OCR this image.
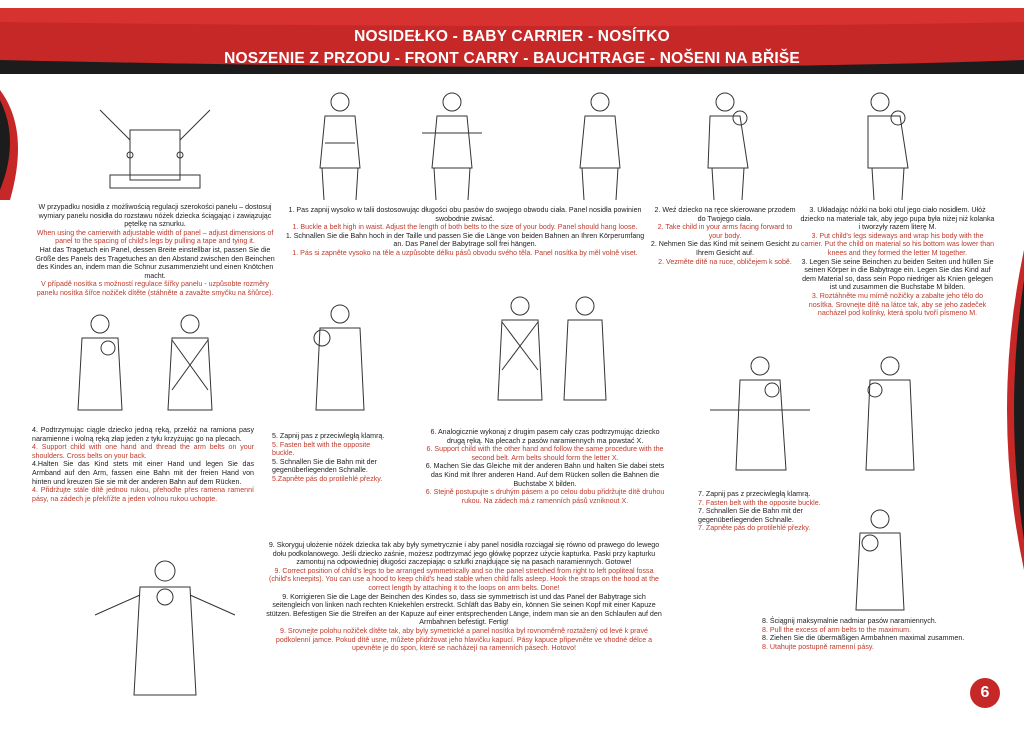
NOSIDEŁKO - BABY CARRIER - NOSÍTKO
NOSZENIE Z PRZODU - FRONT CARRY - BAUCHTRAGE - NOŠENI NA BŘIŠE

W przypadku nosidła z możliwością regulacji szerokości panelu – dostosuj wymiary panelu nosidła do rozstawu nóżek dziecka ściągając i zawiązując pętelkę na sznurku.

When using the carrierwith adjustable width of panel – adjust dimensions of panel to the spacing of child's legs by pulling a tape and tying it.

Hat das Tragetuch ein Panel, dessen Breite einstellbar ist, passen Sie die Größe des Panels des Tragetuches an den Abstand zwischen den Beinchen des Kindes an, indem man die Schnur zusammenzieht und einen Knötchen macht.

V případě nosítka s možností regulace šířky panelu - uzpůsobte rozměry panelu nosítka šířce nožiček dítěte (stáhněte a zavažte smyčku na šňůrce).

1. Pas zapnij wysoko w talii dostosowując długości obu pasów do swojego obwodu ciała. Panel nosidła powinien swobodnie zwisać.

1. Buckle a belt high in waist. Adjust the length of both belts to the size of your body. Panel should hang loose.

1. Schnallen Sie die Bahn hoch in der Taille und passen Sie die Länge von beiden Bahnen an Ihren Körperumfang an. Das Panel der Babytrage soll frei hängen.

1. Pás si zapněte vysoko na těle a uzpůsobte délku pásů obvodu svého těla. Panel nosítka by měl volně viset.

2. Weź dziecko na ręce skierowane przodem do Twojego ciała.

2. Take child in your arms facing forward to your body.

2. Nehmen Sie das Kind mit seinem Gesicht zu Ihrem Gesicht auf.

2. Vezměte dítě na ruce, obličejem k sobě.

3. Układając nóżki na boki otul jego ciało nosidłem. Ułóż dziecko na materiale tak, aby jego pupa była niżej niż kolanka i tworzyły razem literę M.

3. Put child's legs sideways and wrap his body with the carrier. Put the child on material so his bottom was lower than knees and they formed the letter M together.

3. Legen Sie seine Beinchen zu beiden Seiten und hüllen Sie seinen Körper in die Babytrage ein. Legen Sie das Kind auf dem Material so, dass sein Popo niedriger als Knien gelegen ist und zusammen die Buchstabe M bilden.

3. Roztáhněte mu mírně nožičky a zabalte jeho tělo do nosítka. Srovnejte dítě na látce tak, aby se jeho zadeček nacházel pod kolínky, která spolu tvoří písmeno M.

4. Podtrzymując ciągle dziecko jedną ręką, przełóż na ramiona pasy naramienne i wolną ręką złap jeden z tyłu krzyżując go na plecach.

4. Support child with one hand and thread the arm belts on your shoulders. Cross belts on your back.

4.Halten Sie das Kind stets mit einer Hand und legen Sie das Armband auf den Arm, fassen eine Bahn mit der freien Hand von hinten und kreuzen Sie sie mit der anderen Bahn auf dem Rücken.

4. Přidržujte stále dítě jednou rukou, přehoďte přes ramena ramenní pásy, na zádech je překřížte a jeden volnou rukou uchopte.

5. Zapnij pas z przeciwległą klamrą.

5. Fasten belt with the opposite buckle.

5. Schnallen Sie die Bahn mit der gegenüberliegenden Schnalle.

5.Zapněte pás do protilehlé přezky.

6. Analogicznie wykonaj z drugim pasem cały czas podtrzymując dziecko drugą ręką. Na plecach z pasów naramiennych ma powstać X.

6. Support child with the other hand and follow the same procedure with the second belt. Arm belts should form the letter X.

6. Machen Sie das Gleiche mit der anderen Bahn und halten Sie dabei stets das Kind mit Ihrer anderen Hand. Auf dem Rücken sollen die Bahnen die Buchstabe X bilden.

6. Stejně postupujte s druhým pásem a po celou dobu přidržujte dítě druhou rukou. Na zádech má z ramenních pásů vzniknout X.

7. Zapnij pas z przeciwległą klamrą.

7. Fasten belt with the opposite buckle.

7. Schnallen Sie die Bahn mit der gegenüberliegenden Schnalle.

7. Zapněte pás do protilehlé přezky.

8. Ściągnij maksymalnie nadmiar pasów naramiennych.

8. Pull the excess of arm belts to the maximum.

8. Ziehen Sie die übermäßigen Armbahnen maximal zusammen.

8. Utahujte postupně ramenní pásy.

9. Skoryguj ułożenie nóżek dziecka tak aby były symetrycznie i aby panel nosidła rozciągał się równo od prawego do lewego dołu podkolanowego. Jeśli dziecko zaśnie, możesz podtrzymać jego główkę poprzez użycie kapturka. Paski przy kapturku zamontuj na odpowiedniej długości zaczepiając o szlufki znajdujące się na pasach naramiennych. Gotowe!

9. Correct position of child's legs to be arranged symmetrically and so the panel stretched from right to left popliteal fossa (child's kneepits). You can use a hood to keep child's head stable when child falls asleep. Hook the straps on the hood at the correct length by attaching it to the loops on arm belts. Done!

9. Korrigieren Sie die Lage der Beinchen des Kindes so, dass sie symmetrisch ist und das Panel der Babytrage sich seitengleich von linken nach rechten Kniekehlen erstreckt. Schläft das Baby ein, können Sie seinen Kopf mit einer Kapuze stützen. Befestigen Sie die Streifen an der Kapuze auf einer entsprechenden Länge, indem man sie an den Schlaufen auf den Armbahnen befestigt. Fertig!

9. Srovnejte polohu nožiček dítěte tak, aby byly symetrické a panel nosítka byl rovnoměrně roztažený od levé k pravé podkolenní jamce. Pokud dítě usne, můžete přidržovat jeho hlavičku kapucí. Pásy kapuce připevněte ve vhodné délce a upevněte je do spon, které se nacházejí na ramenních pásech. Hotovo!

6
